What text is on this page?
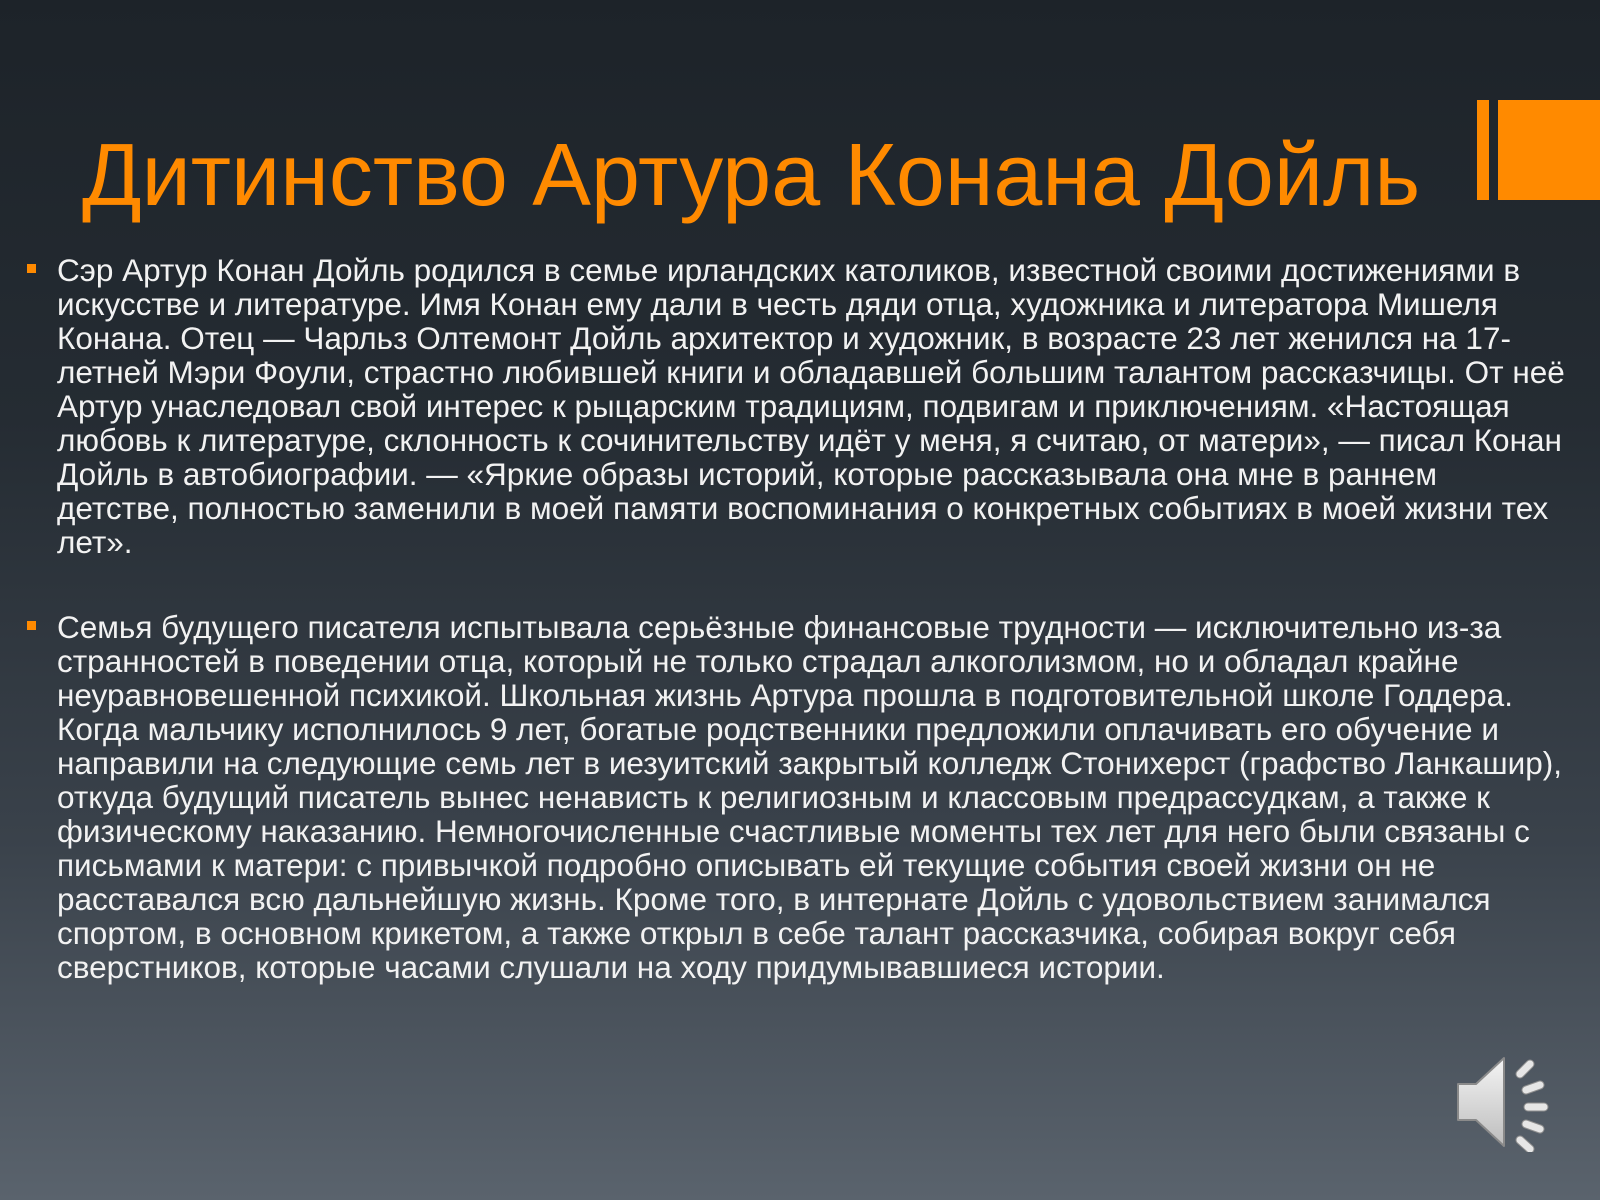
Дитинство Артура Конана Дойль
Сэр Артур Конан Дойль родился в семье ирландских католиков, известной своими достижениями в искусстве и литературе. Имя Конан ему дали в честь дяди отца, художника и литератора Мишеля Конана. Отец — Чарльз Олтемонт Дойль архитектор и художник, в возрасте 23 лет женился на 17-летней Мэри Фоули, страстно любившей книги и обладавшей большим талантом рассказчицы. От неё Артур унаследовал свой интерес к рыцарским традициям, подвигам и приключениям. «Настоящая любовь к литературе, склонность к сочинительству идёт у меня, я считаю, от матери», — писал Конан Дойль в автобиографии. — «Яркие образы историй, которые рассказывала она мне в раннем детстве, полностью заменили в моей памяти воспоминания о конкретных событиях в моей жизни тех лет».
Семья будущего писателя испытывала серьёзные финансовые трудности — исключительно из-за странностей в поведении отца, который не только страдал алкоголизмом, но и обладал крайне неуравновешенной психикой. Школьная жизнь Артура прошла в подготовительной школе Годдера. Когда мальчику исполнилось 9 лет, богатые родственники предложили оплачивать его обучение и направили на следующие семь лет в иезуитский закрытый колледж Стонихерст (графство Ланкашир), откуда будущий писатель вынес ненависть к религиозным и классовым предрассудкам, а также к физическому наказанию. Немногочисленные счастливые моменты тех лет для него были связаны с письмами к матери: с привычкой подробно описывать ей текущие события своей жизни он не расставался всю дальнейшую жизнь. Кроме того, в интернате Дойль с удовольствием занимался спортом, в основном крикетом, а также открыл в себе талант рассказчика, собирая вокруг себя сверстников, которые часами слушали на ходу придумывавшиеся истории.
